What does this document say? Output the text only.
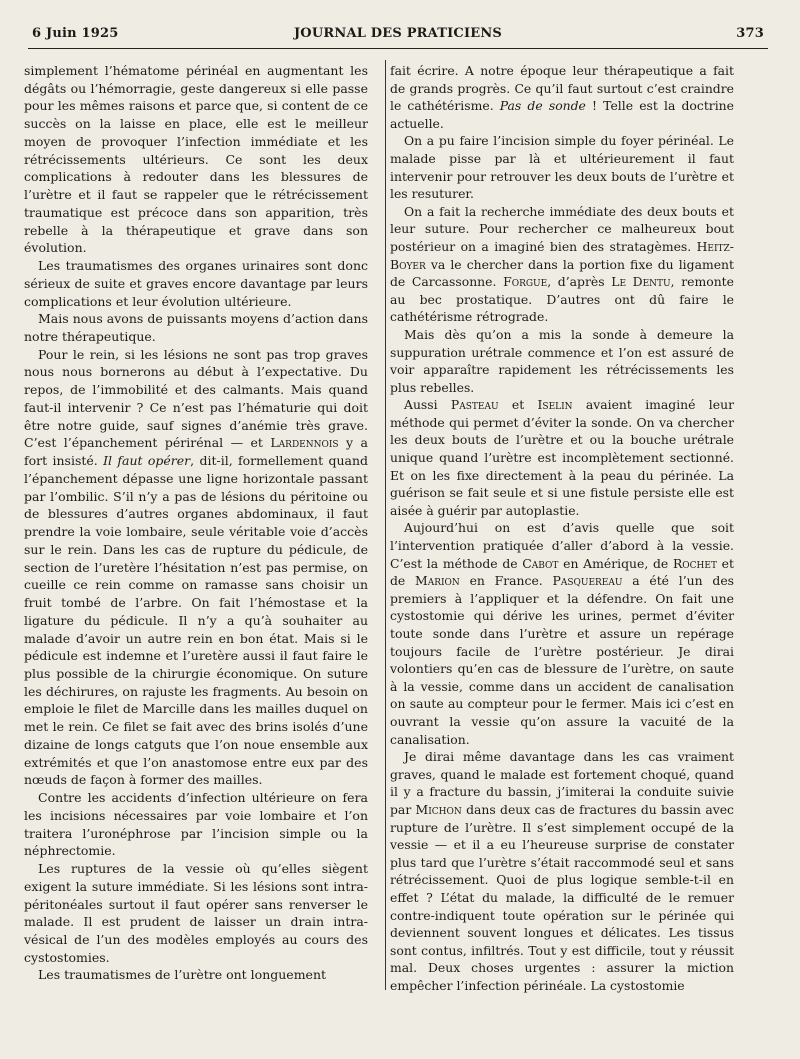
6 Juin 1925	JOURNAL DES PRATICIENS	373

simplement l’hématome périnéal en augmentant les dégâts ou l’hémorragie, geste dangereux si elle passe pour les mêmes raisons et parce que, si content de ce succès on la laisse en place, elle est le meilleur moyen de provoquer l’infection immédiate et les rétrécissements ultérieurs. Ce sont les deux complications à redouter dans les blessures de l’urètre et il faut se rappeler que le rétrécissement traumatique est précoce dans son apparition, très rebelle à la thérapeutique et grave dans son évolution.

Les traumatismes des organes urinaires sont donc sérieux de suite et graves encore davantage par leurs complications et leur évolution ultérieure.

Mais nous avons de puissants moyens d’action dans notre thérapeutique.

Pour le rein, si les lésions ne sont pas trop graves nous nous bornerons au début à l’expectative. Du repos, de l’immobilité et des calmants. Mais quand faut-il intervenir ? Ce n’est pas l’hématurie qui doit être notre guide, sauf signes d’anémie très grave. C’est l’épanchement périrénal — et Lardennois y a fort insisté. Il faut opérer, dit-il, formellement quand l’épanchement dépasse une ligne horizontale passant par l’ombilic. S’il n’y a pas de lésions du péritoine ou de blessures d’autres organes abdominaux, il faut prendre la voie lombaire, seule véritable voie d’accès sur le rein. Dans les cas de rupture du pédicule, de section de l’uretère l’hésitation n’est pas permise, on cueille ce rein comme on ramasse sans choisir un fruit tombé de l’arbre. On fait l’hémostase et la ligature du pédicule. Il n’y a qu’à souhaiter au malade d’avoir un autre rein en bon état. Mais si le pédicule est indemne et l’uretère aussi il faut faire le plus possible de la chirurgie économique. On suture les déchirures, on rajuste les fragments. Au besoin on emploie le filet de Marcille dans les mailles duquel on met le rein. Ce filet se fait avec des brins isolés d’une dizaine de longs catguts que l’on noue ensemble aux extrémités et que l’on anastomose entre eux par des nœuds de façon à former des mailles.

Contre les accidents d’infection ultérieure on fera les incisions nécessaires par voie lombaire et l’on traitera l’uronéphrose par l’incision simple ou la néphrectomie.

Les ruptures de la vessie où qu’elles siègent exigent la suture immédiate. Si les lésions sont intra-péritonéales surtout il faut opérer sans renverser le malade. Il est prudent de laisser un drain intra-vésical de l’un des modèles employés au cours des cystostomies.

Les traumatismes de l’urètre ont longuement

fait écrire. A notre époque leur thérapeutique a fait de grands progrès. Ce qu’il faut surtout c’est craindre le cathétérisme. Pas de sonde ! Telle est la doctrine actuelle.

On a pu faire l’incision simple du foyer périnéal. Le malade pisse par là et ultérieurement il faut intervenir pour retrouver les deux bouts de l’urètre et les resuturer.

On a fait la recherche immédiate des deux bouts et leur suture. Pour rechercher ce malheureux bout postérieur on a imaginé bien des stratagèmes. Heitz-Boyer va le chercher dans la portion fixe du ligament de Carcassonne. Forgue, d’après Le Dentu, remonte au bec prostatique. D’autres ont dû faire le cathétérisme rétrograde.

Mais dès qu’on a mis la sonde à demeure la suppuration urétrale commence et l’on est assuré de voir apparaître rapidement les rétrécissements les plus rebelles.

Aussi Pasteau et Iselin avaient imaginé leur méthode qui permet d’éviter la sonde. On va chercher les deux bouts de l’urètre et ou la bouche urétrale unique quand l’urètre est incomplètement sectionné. Et on les fixe directement à la peau du périnée. La guérison se fait seule et si une fistule persiste elle est aisée à guérir par autoplastie.

Aujourd’hui on est d’avis quelle que soit l’intervention pratiquée d’aller d’abord à la vessie. C’est la méthode de Cabot en Amérique, de Rochet et de Marion en France. Pasquereau a été l’un des premiers à l’appliquer et la défendre. On fait une cystostomie qui dérive les urines, permet d’éviter toute sonde dans l’urètre et assure un repérage toujours facile de l’urètre postérieur. Je dirai volontiers qu’en cas de blessure de l’urètre, on saute à la vessie, comme dans un accident de canalisation on saute au compteur pour le fermer. Mais ici c’est en ouvrant la vessie qu’on assure la vacuité de la canalisation.

Je dirai même davantage dans les cas vraiment graves, quand le malade est fortement choqué, quand il y a fracture du bassin, j’imiterai la conduite suivie par Michon dans deux cas de fractures du bassin avec rupture de l’urètre. Il s’est simplement occupé de la vessie — et il a eu l’heureuse surprise de constater plus tard que l’urètre s’était raccommodé seul et sans rétrécissement. Quoi de plus logique semble-t-il en effet ? L’état du malade, la difficulté de le remuer contre-indiquent toute opération sur le périnée qui deviennent souvent longues et délicates. Les tissus sont contus, infiltrés. Tout y est difficile, tout y réussit mal. Deux choses urgentes : assurer la miction empêcher l’infection périnéale. La cystostomie
